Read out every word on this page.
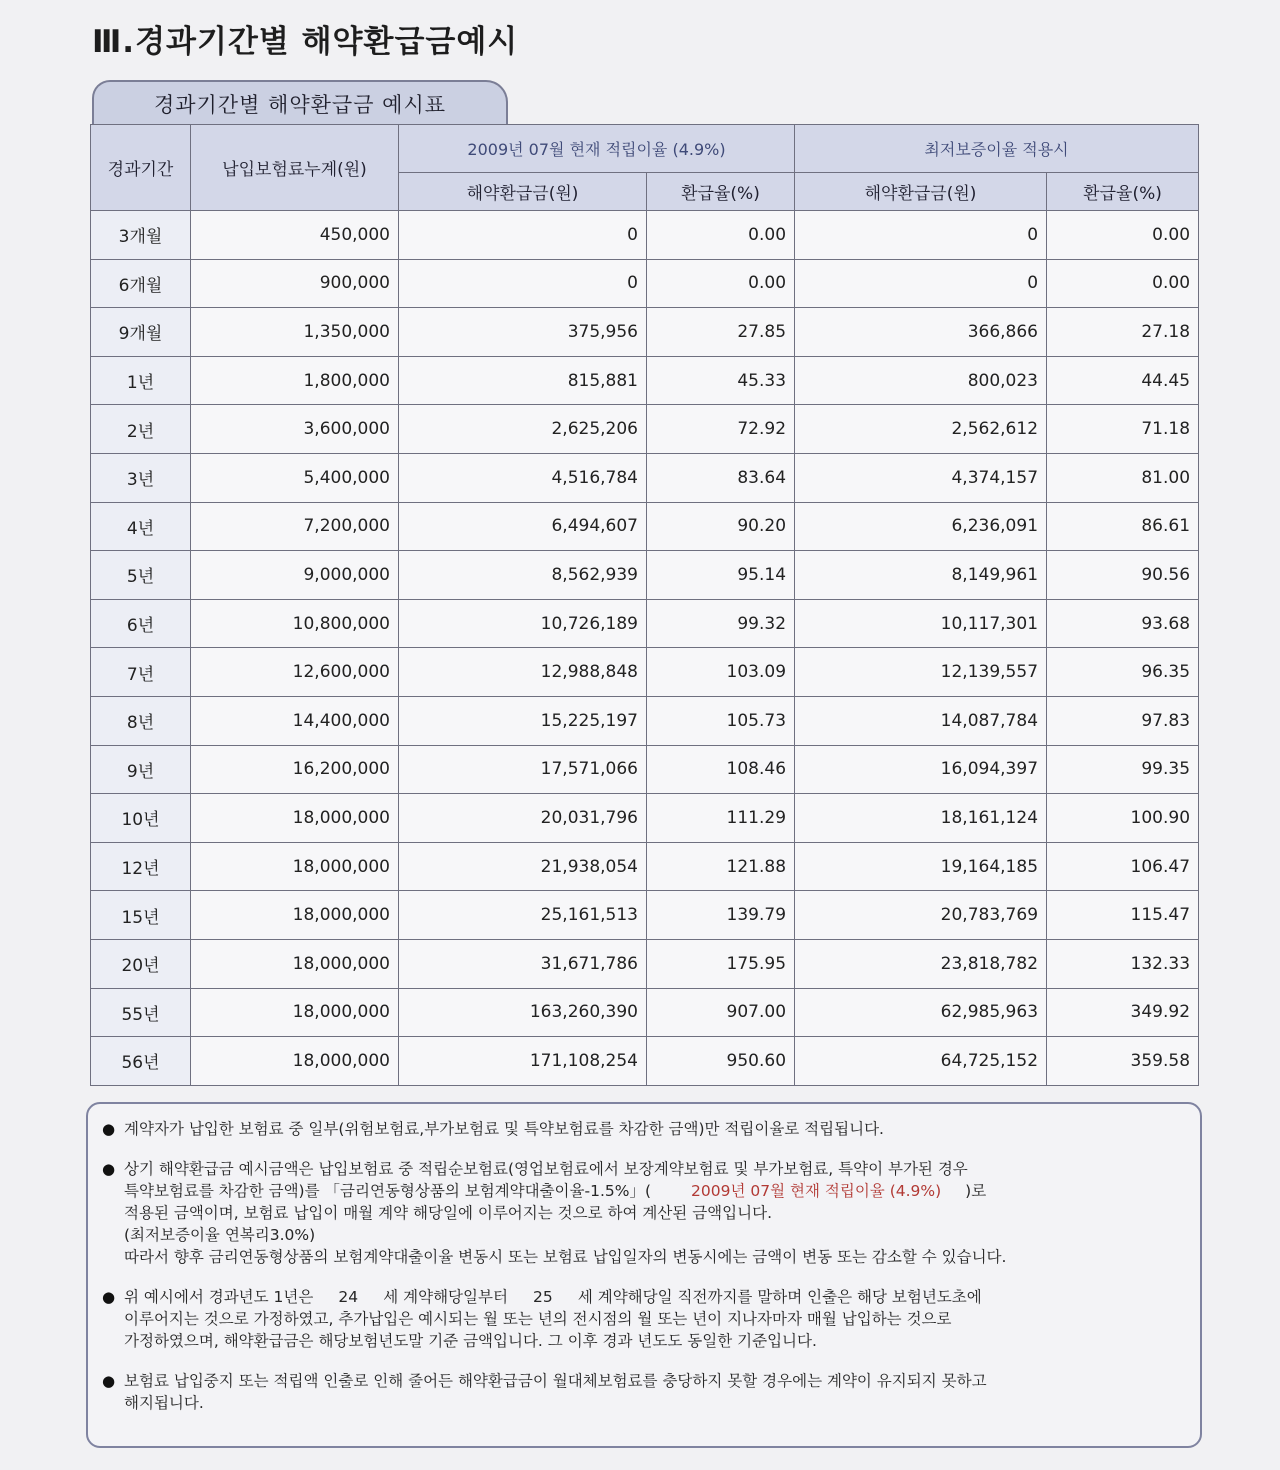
Ⅲ.경과기간별 해약환급금예시
경과기간별 해약환급금 예시표
경과기간	납입보험료누계(원)	2009년 07월 현재 적립이율 (4.9%)		최저보증이율 적용시	
		해약환급금(원)	환급율(%)	해약환급금(원)	환급율(%)
3개월	450,000	0	0.00	0	0.00
6개월	900,000	0	0.00	0	0.00
9개월	1,350,000	375,956	27.85	366,866	27.18
1년	1,800,000	815,881	45.33	800,023	44.45
2년	3,600,000	2,625,206	72.92	2,562,612	71.18
3년	5,400,000	4,516,784	83.64	4,374,157	81.00
4년	7,200,000	6,494,607	90.20	6,236,091	86.61
5년	9,000,000	8,562,939	95.14	8,149,961	90.56
6년	10,800,000	10,726,189	99.32	10,117,301	93.68
7년	12,600,000	12,988,848	103.09	12,139,557	96.35
8년	14,400,000	15,225,197	105.73	14,087,784	97.83
9년	16,200,000	17,571,066	108.46	16,094,397	99.35
10년	18,000,000	20,031,796	111.29	18,161,124	100.90
12년	18,000,000	21,938,054	121.88	19,164,185	106.47
15년	18,000,000	25,161,513	139.79	20,783,769	115.47
20년	18,000,000	31,671,786	175.95	23,818,782	132.33
55년	18,000,000	163,260,390	907.00	62,985,963	349.92
56년	18,000,000	171,108,254	950.60	64,725,152	359.58
● 계약자가 납입한 보험료 중 일부(위험보험료,부가보험료 및 특약보험료를 차감한 금액)만 적립이율로 적립됩니다.
● 상기 해약환급금 예시금액은 납입보험료 중 적립순보험료(영업보험료에서 보장계약보험료 및 부가보험료, 특약이 부가된 경우
특약보험료를 차감한 금액)를 「금리연동형상품의 보험계약대출이율-1.5%」(	2009년 07월 현재 적립이율 (4.9%) )로
적용된 금액이며, 보험료 납입이 매월 계약 해당일에 이루어지는 것으로 하여 계산된 금액입니다.
(최저보증이율 연복리3.0%)
따라서 향후 금리연동형상품의 보험계약대출이율 변동시 또는 보험료 납입일자의 변동시에는 금액이 변동 또는 감소할 수 있습니다.
● 위 예시에서 경과년도 1년은 24 세 계약해당일부터 25 세 계약해당일 직전까지를 말하며 인출은 해당 보험년도초에
이루어지는 것으로 가정하였고, 추가납입은 예시되는 월 또는 년의 전시점의 월 또는 년이 지나자마자 매월 납입하는 것으로
가정하였으며, 해약환급금은 해당보험년도말 기준 금액입니다. 그 이후 경과 년도도 동일한 기준입니다.
● 보험료 납입중지 또는 적립액 인출로 인해 줄어든 해약환급금이 월대체보험료를 충당하지 못할 경우에는 계약이 유지되지 못하고
해지됩니다.
